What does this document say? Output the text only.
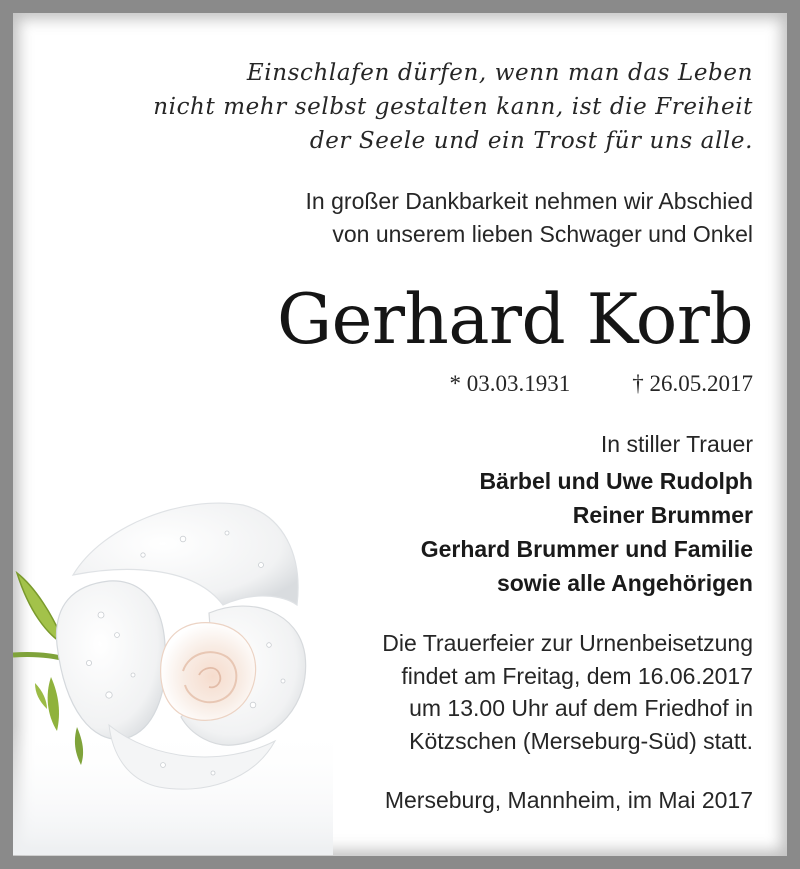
Einschlafen dürfen, wenn man das Leben
nicht mehr selbst gestalten kann, ist die Freiheit
der Seele und ein Trost für uns alle.
In großer Dankbarkeit nehmen wir Abschied
von unserem lieben Schwager und Onkel
Gerhard Korb
* 03.03.1931	† 26.05.2017
In stiller Trauer
Bärbel und Uwe Rudolph
Reiner Brummer
Gerhard Brummer und Familie
sowie alle Angehörigen
Die Trauerfeier zur Urnenbeisetzung
findet am Freitag, dem 16.06.2017
um 13.00 Uhr auf dem Friedhof in
Kötzschen (Merseburg-Süd) statt.
Merseburg, Mannheim, im Mai 2017
